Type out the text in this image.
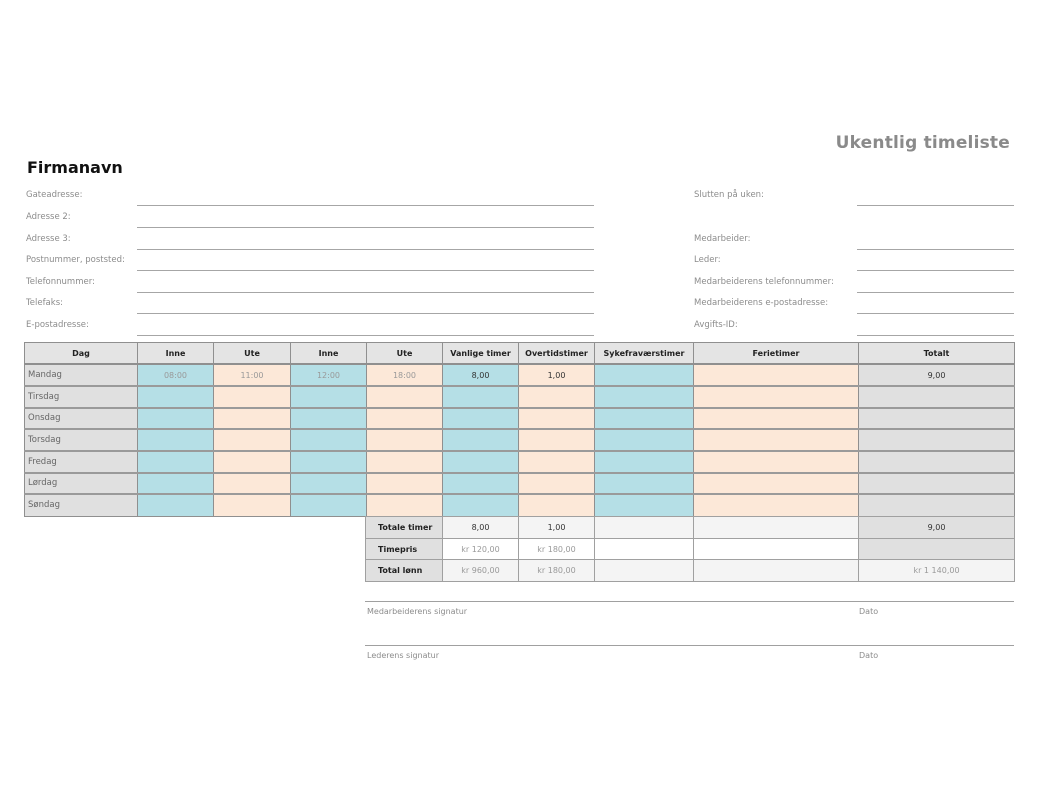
Ukentlig timeliste
Firmanavn
Gateadresse:
Adresse 2:
Adresse 3:
Postnummer, poststed:
Telefonnummer:
Telefaks:
E-postadresse:
Slutten på uken:
Medarbeider:
Leder:
Medarbeiderens telefonnummer:
Medarbeiderens e-postadresse:
Avgifts-ID:
Dag	Inne	Ute	Inne	Ute	Vanlige timer	Overtidstimer	Sykefraværstimer	Ferietimer	Totalt
Mandag	08:00	11:00	12:00	18:00	8,00	1,00			9,00
Tirsdag									
Onsdag									
Torsdag									
Fredag									
Lørdag									
Søndag									
Totale timer	8,00	1,00			9,00
Timepris	kr 120,00	kr 180,00			
Total lønn	kr 960,00	kr 180,00			kr 1 140,00
Medarbeiderens signatur	Dato
Lederens signatur	Dato
